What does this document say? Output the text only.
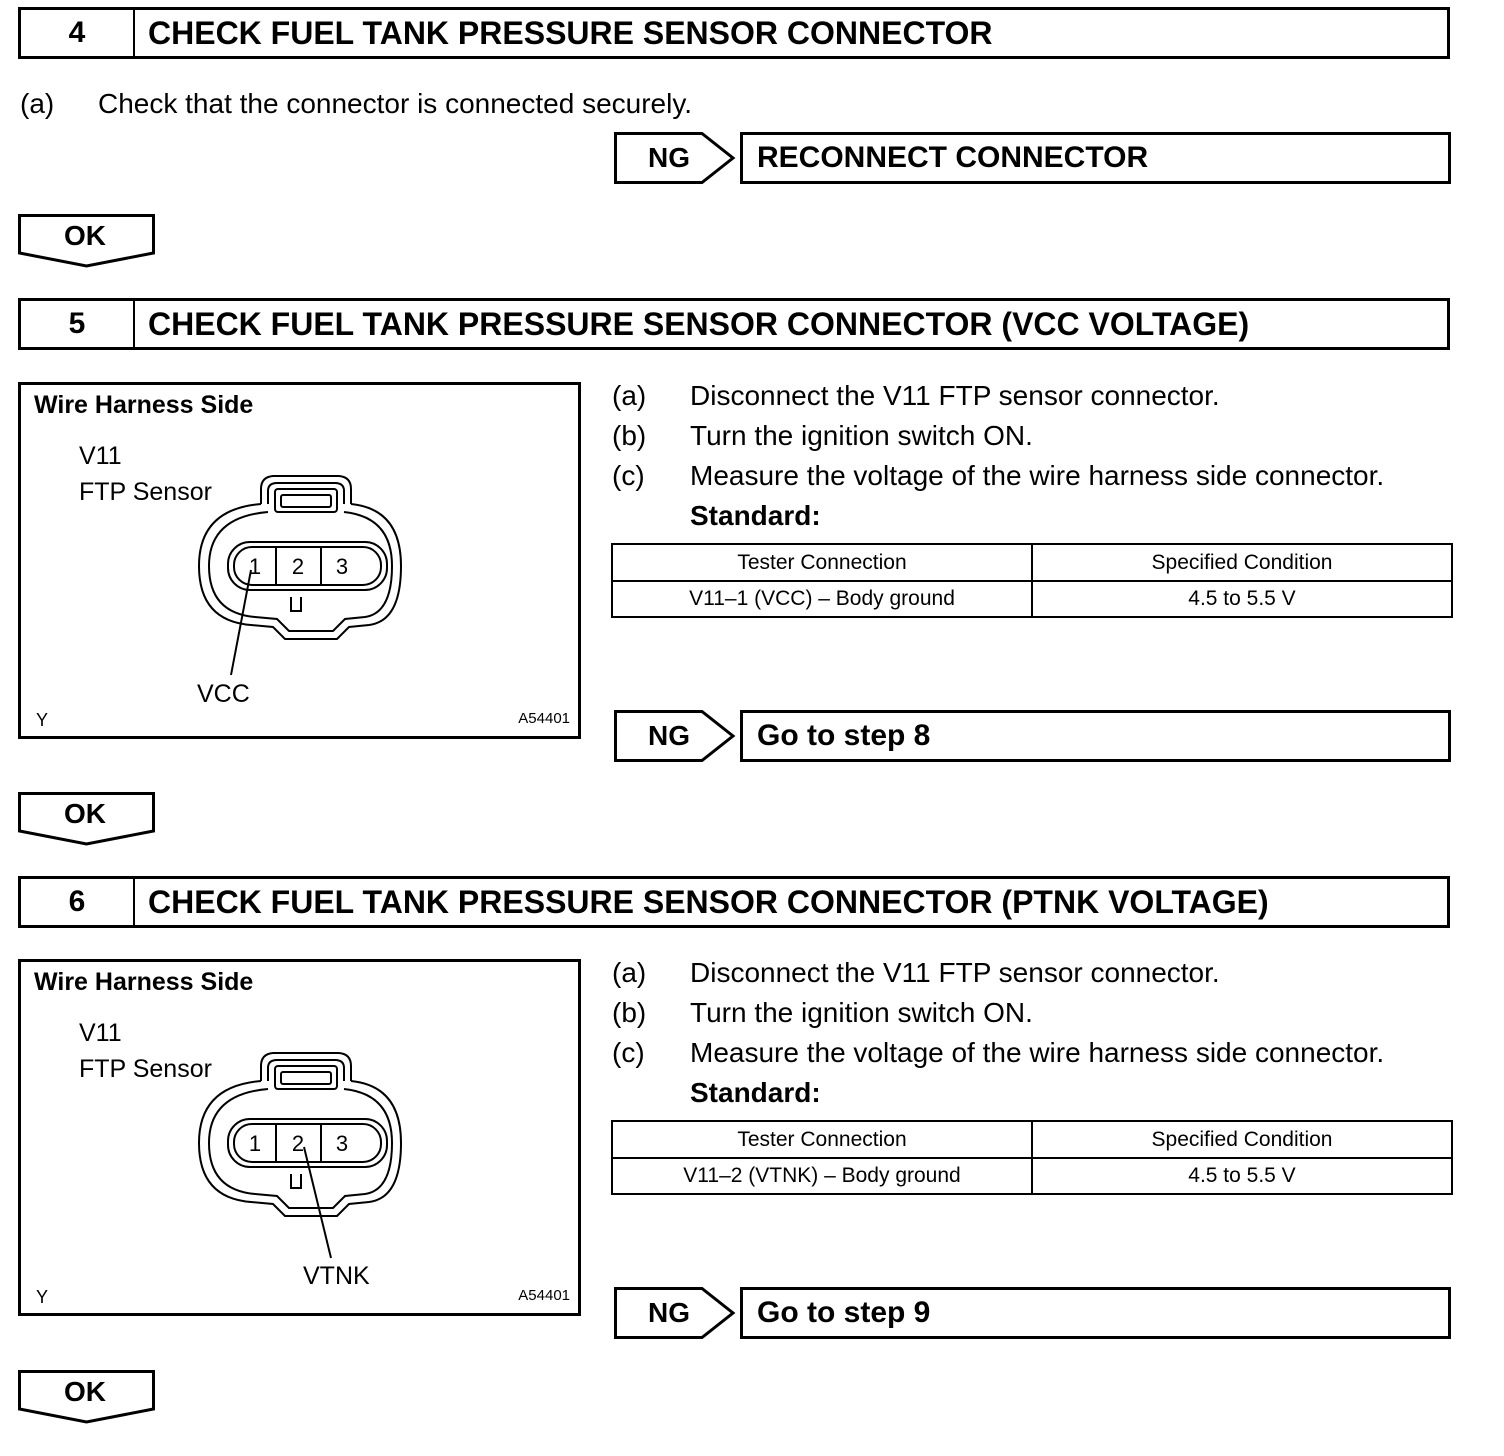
4	CHECK FUEL TANK PRESSURE SENSOR CONNECTOR
(a) Check that the connector is connected securely.
NG	RECONNECT CONNECTOR
OK
5	CHECK FUEL TANK PRESSURE SENSOR CONNECTOR (VCC VOLTAGE)
Wire Harness Side
V11
FTP Sensor
1 2 3
VCC
Y	A54401
(a) Disconnect the V11 FTP sensor connector.
(b) Turn the ignition switch ON.
(c) Measure the voltage of the wire harness side connector.
Standard:
Tester Connection	Specified Condition
V11–1 (VCC) – Body ground	4.5 to 5.5 V
NG	Go to step 8
OK
6	CHECK FUEL TANK PRESSURE SENSOR CONNECTOR (PTNK VOLTAGE)
Wire Harness Side
V11
FTP Sensor
1 2 3
VTNK
Y	A54401
(a) Disconnect the V11 FTP sensor connector.
(b) Turn the ignition switch ON.
(c) Measure the voltage of the wire harness side connector.
Standard:
Tester Connection	Specified Condition
V11–2 (VTNK) – Body ground	4.5 to 5.5 V
NG	Go to step 9
OK
